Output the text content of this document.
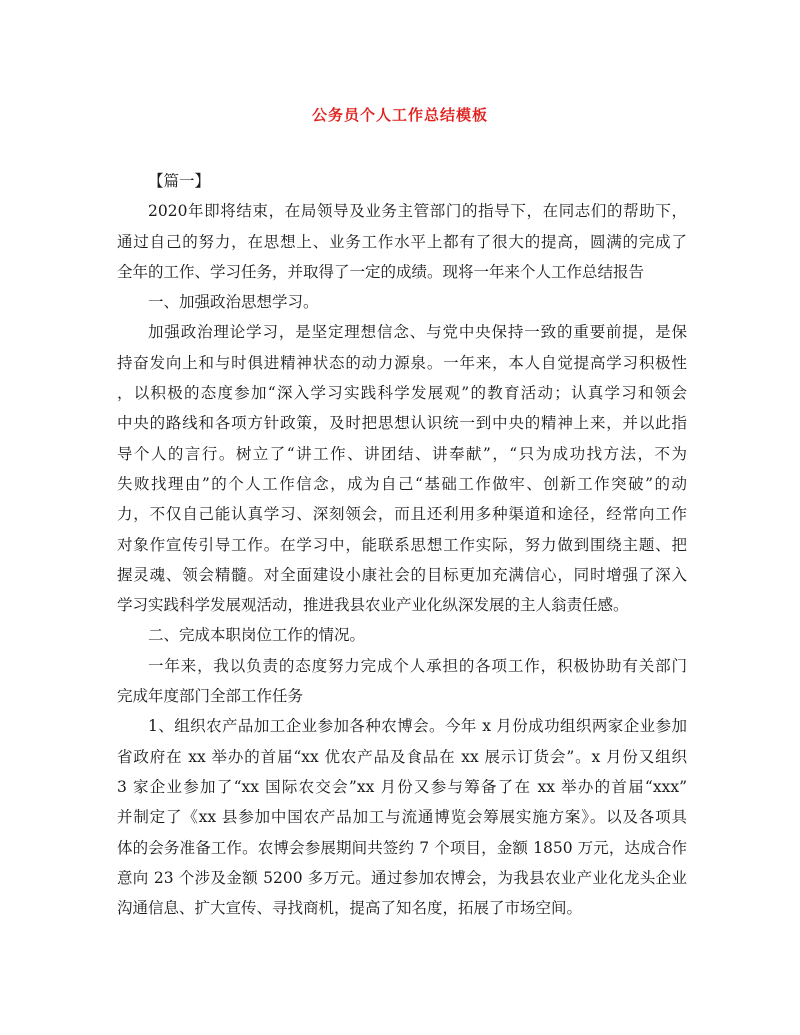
公务员个人工作总结模板

【篇一】

2020年即将结束，在局领导及业务主管部门的指导下，在同志们的帮助下，

通过自己的努力，在思想上、业务工作水平上都有了很大的提高，圆满的完成了

全年的工作、学习任务，并取得了一定的成绩。现将一年来个人工作总结报告

一、加强政治思想学习。

加强政治理论学习，是坚定理想信念、与党中央保持一致的重要前提，是保

持奋发向上和与时俱进精神状态的动力源泉。一年来，本人自觉提高学习积极性

，以积极的态度参加“深入学习实践科学发展观”的教育活动；认真学习和领会

中央的路线和各项方针政策，及时把思想认识统一到中央的精神上来，并以此指

导个人的言行。树立了“讲工作、讲团结、讲奉献”，“只为成功找方法，不为

失败找理由”的个人工作信念，成为自己“基础工作做牢、创新工作突破”的动

力，不仅自己能认真学习、深刻领会，而且还利用多种渠道和途径，经常向工作

对象作宣传引导工作。在学习中，能联系思想工作实际，努力做到围绕主题、把

握灵魂、领会精髓。对全面建设小康社会的目标更加充满信心，同时增强了深入

学习实践科学发展观活动，推进我县农业产业化纵深发展的主人翁责任感。

二、完成本职岗位工作的情况。

一年来，我以负责的态度努力完成个人承担的各项工作，积极协助有关部门

完成年度部门全部工作任务

1、组织农产品加工企业参加各种农博会。今年 x 月份成功组织两家企业参加

省政府在 xx 举办的首届“xx 优农产品及食品在 xx 展示订货会”。x 月份又组织

3 家企业参加了“xx 国际农交会”xx 月份又参与筹备了在 xx 举办的首届“xxx”

并制定了《xx 县参加中国农产品加工与流通博览会筹展实施方案》。以及各项具

体的会务准备工作。农博会参展期间共签约 7 个项目，金额 1850 万元，达成合作

意向 23 个涉及金额 5200 多万元。通过参加农博会，为我县农业产业化龙头企业

沟通信息、扩大宣传、寻找商机，提高了知名度，拓展了市场空间。
